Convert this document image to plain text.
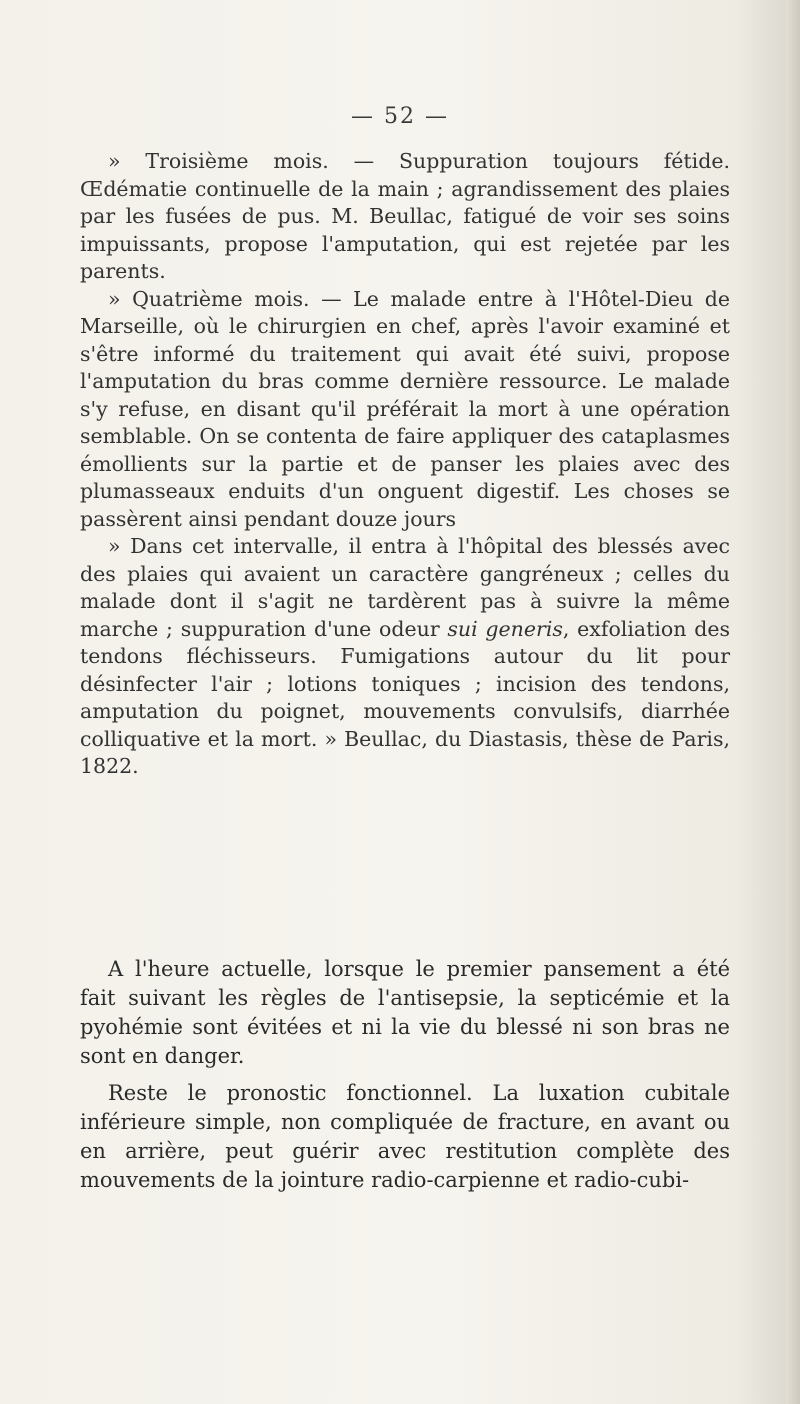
— 52 —

» Troisième mois. — Suppuration toujours fétide. Œdématie continuelle de la main ; agrandissement des plaies par les fusées de pus. M. Beullac, fatigué de voir ses soins impuissants, propose l'amputation, qui est rejetée par les parents.

» Quatrième mois. — Le malade entre à l'Hôtel-Dieu de Marseille, où le chirurgien en chef, après l'avoir examiné et s'être informé du traitement qui avait été suivi, propose l'amputation du bras comme dernière ressource. Le malade s'y refuse, en disant qu'il préférait la mort à une opération semblable. On se contenta de faire appliquer des cataplasmes émollients sur la partie et de panser les plaies avec des plumasseaux enduits d'un onguent digestif. Les choses se passèrent ainsi pendant douze jours

» Dans cet intervalle, il entra à l'hôpital des blessés avec des plaies qui avaient un caractère gangréneux ; celles du malade dont il s'agit ne tardèrent pas à suivre la même marche ; suppuration d'une odeur sui generis, exfoliation des tendons fléchisseurs. Fumigations autour du lit pour désinfecter l'air ; lotions toniques ; incision des tendons, amputation du poignet, mouvements convulsifs, diarrhée colliquative et la mort. » Beullac, du Diastasis, thèse de Paris, 1822.

A l'heure actuelle, lorsque le premier pansement a été fait suivant les règles de l'antisepsie, la septicémie et la pyohémie sont évitées et ni la vie du blessé ni son bras ne sont en danger.

Reste le pronostic fonctionnel. La luxation cubitale inférieure simple, non compliquée de fracture, en avant ou en arrière, peut guérir avec restitution complète des mouvements de la jointure radio-carpienne et radio-cubi-
